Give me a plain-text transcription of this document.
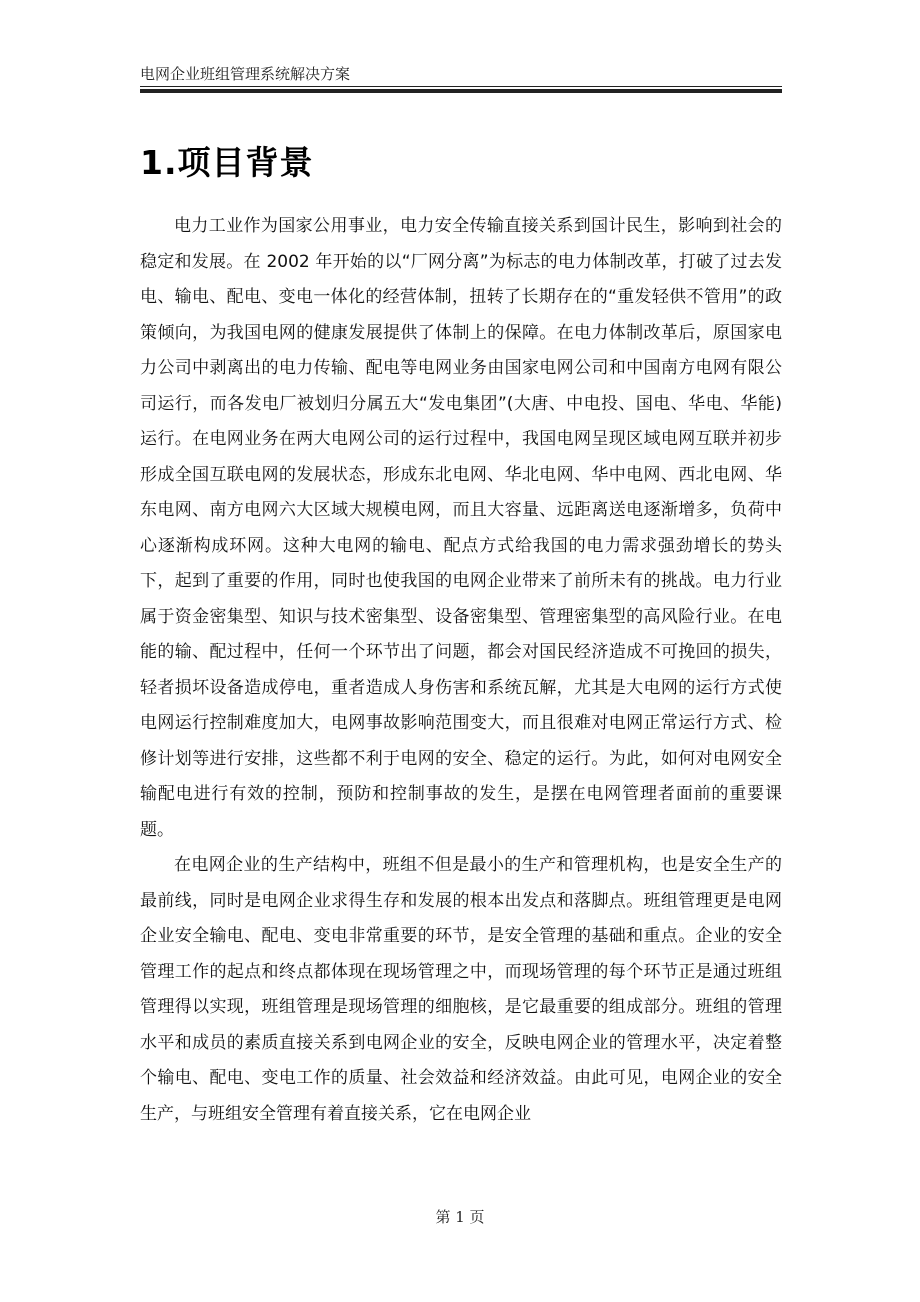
电网企业班组管理系统解决方案
1.项目背景

电力工业作为国家公用事业，电力安全传输直接关系到国计民生，影响到社会的稳定和发展。在 2002 年开始的以“厂网分离”为标志的电力体制改革，打破了过去发电、输电、配电、变电一体化的经营体制，扭转了长期存在的“重发轻供不管用”的政策倾向，为我国电网的健康发展提供了体制上的保障。在电力体制改革后，原国家电力公司中剥离出的电力传输、配电等电网业务由国家电网公司和中国南方电网有限公司运行，而各发电厂被划归分属五大“发电集团”(大唐、中电投、国电、华电、华能)运行。在电网业务在两大电网公司的运行过程中，我国电网呈现区域电网互联并初步形成全国互联电网的发展状态，形成东北电网、华北电网、华中电网、西北电网、华东电网、南方电网六大区域大规模电网，而且大容量、远距离送电逐渐增多，负荷中心逐渐构成环网。这种大电网的输电、配点方式给我国的电力需求强劲增长的势头下，起到了重要的作用，同时也使我国的电网企业带来了前所未有的挑战。电力行业属于资金密集型、知识与技术密集型、设备密集型、管理密集型的高风险行业。在电能的输、配过程中，任何一个环节出了问题，都会对国民经济造成不可挽回的损失，轻者损坏设备造成停电，重者造成人身伤害和系统瓦解，尤其是大电网的运行方式使电网运行控制难度加大，电网事故影响范围变大，而且很难对电网正常运行方式、检修计划等进行安排，这些都不利于电网的安全、稳定的运行。为此，如何对电网安全输配电进行有效的控制，预防和控制事故的发生，是摆在电网管理者面前的重要课题。

在电网企业的生产结构中，班组不但是最小的生产和管理机构，也是安全生产的最前线，同时是电网企业求得生存和发展的根本出发点和落脚点。班组管理更是电网企业安全输电、配电、变电非常重要的环节，是安全管理的基础和重点。企业的安全管理工作的起点和终点都体现在现场管理之中，而现场管理的每个环节正是通过班组管理得以实现，班组管理是现场管理的细胞核，是它最重要的组成部分。班组的管理水平和成员的素质直接关系到电网企业的安全，反映电网企业的管理水平，决定着整个输电、配电、变电工作的质量、社会效益和经济效益。由此可见，电网企业的安全生产，与班组安全管理有着直接关系，它在电网企业

第 1 页
